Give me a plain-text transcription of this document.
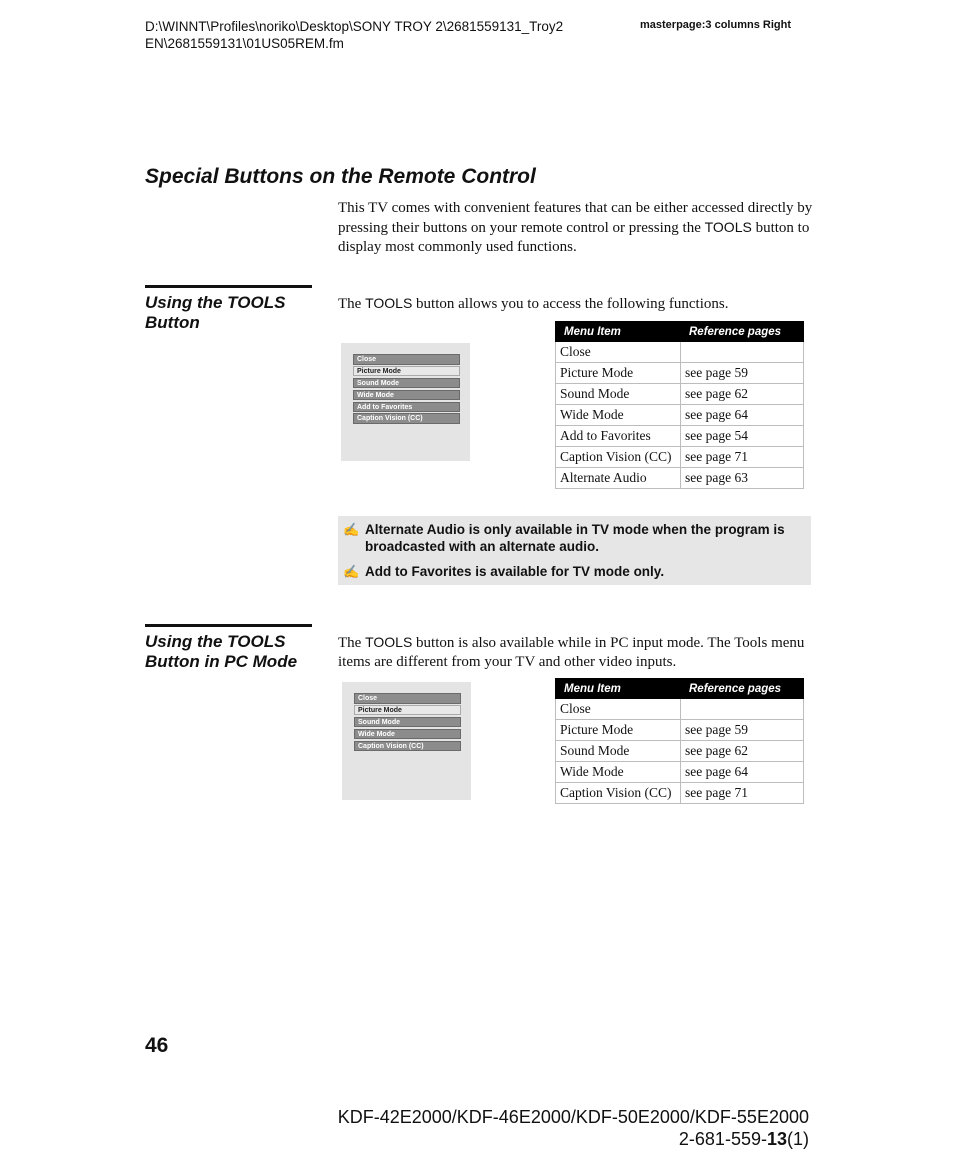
D:\WINNT\Profiles\noriko\Desktop\SONY TROY 2\2681559131_Troy2
EN\2681559131\01US05REM.fm
masterpage:3 columns Right
Special Buttons on the Remote Control
This TV comes with convenient features that can be either accessed directly by pressing their buttons on your remote control or pressing the TOOLS button to display most commonly used functions.
Using the TOOLS Button
The TOOLS button allows you to access the following functions.
Close
Picture Mode
Sound Mode
Wide Mode
Add to Favorites
Caption Vision (CC)
Menu Item	Reference pages
Close	
Picture Mode	see page 59
Sound Mode	see page 62
Wide Mode	see page 64
Add to Favorites	see page 54
Caption Vision (CC)	see page 71
Alternate Audio	see page 63
✍ Alternate Audio is only available in TV mode when the program is broadcasted with an alternate audio.
✍ Add to Favorites is available for TV mode only.
Using the TOOLS Button in PC Mode
The TOOLS button is also available while in PC input mode. The Tools menu items are different from your TV and other video inputs.
Close
Picture Mode
Sound Mode
Wide Mode
Caption Vision (CC)
Menu Item	Reference pages
Close	
Picture Mode	see page 59
Sound Mode	see page 62
Wide Mode	see page 64
Caption Vision (CC)	see page 71
46
KDF-42E2000/KDF-46E2000/KDF-50E2000/KDF-55E2000
2-681-559-13(1)
